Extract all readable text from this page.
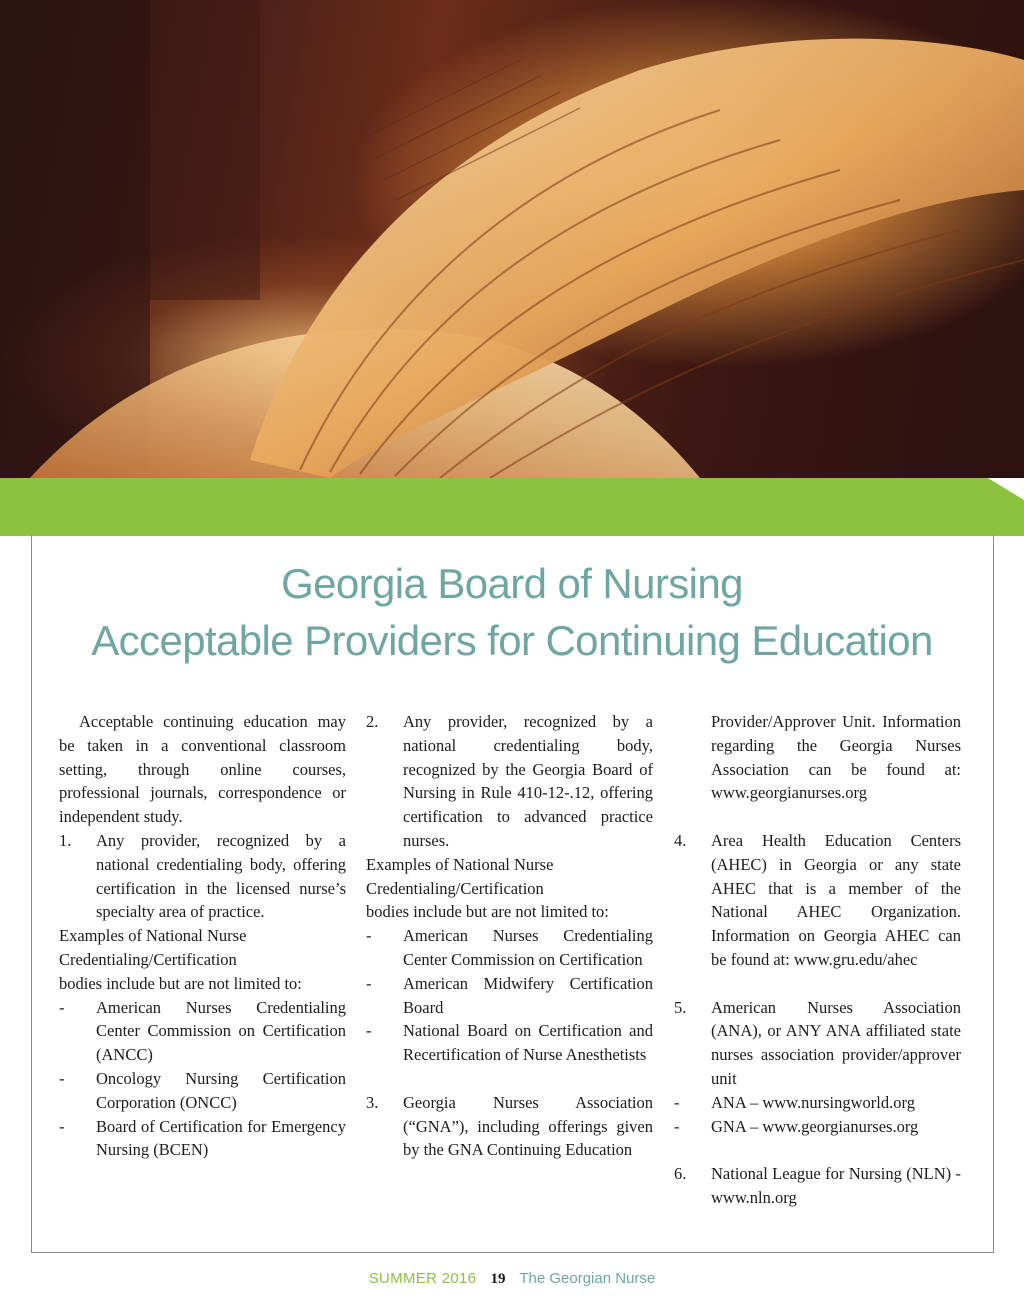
Georgia Board of Nursing
Acceptable Providers for Continuing Education

Acceptable continuing education may be taken in a conventional classroom setting, through online courses, professional journals, correspondence or independent study.

1. Any provider, recognized by a national credentialing body, offering certification in the licensed nurse’s specialty area of practice.

Examples of National Nurse

Credentialing/Certification

bodies include but are not limited to:

- American Nurses Credentialing Center Commission on Certification (ANCC)
- Oncology Nursing Certification Corporation (ONCC)
- Board of Certification for Emergency Nursing (BCEN)
2. Any provider, recognized by a national credentialing body, recognized by the Georgia Board of Nursing in Rule 410-12-.12, offering certification to advanced practice nurses.

Examples of National Nurse

Credentialing/Certification

bodies include but are not limited to:

- American Nurses Credentialing Center Commission on Certification
- American Midwifery Certification Board
- National Board on Certification and Recertification of Nurse Anesthetists
3. Georgia Nurses Association (“GNA”), including offerings given by the GNA Continuing Education
Provider/Approver Unit. Information regarding the Georgia Nurses Association can be found at: www.georgianurses.org
4. Area Health Education Centers (AHEC) in Georgia or any state AHEC that is a member of the National AHEC Organization. Information on Georgia AHEC can be found at: www.gru.edu/ahec
5. American Nurses Association (ANA), or ANY ANA affiliated state nurses association provider/approver unit
- ANA – www.nursingworld.org
- GNA – www.georgianurses.org
6. National League for Nursing (NLN) - www.nln.org
SUMMER 2016 19 The Georgian Nurse
